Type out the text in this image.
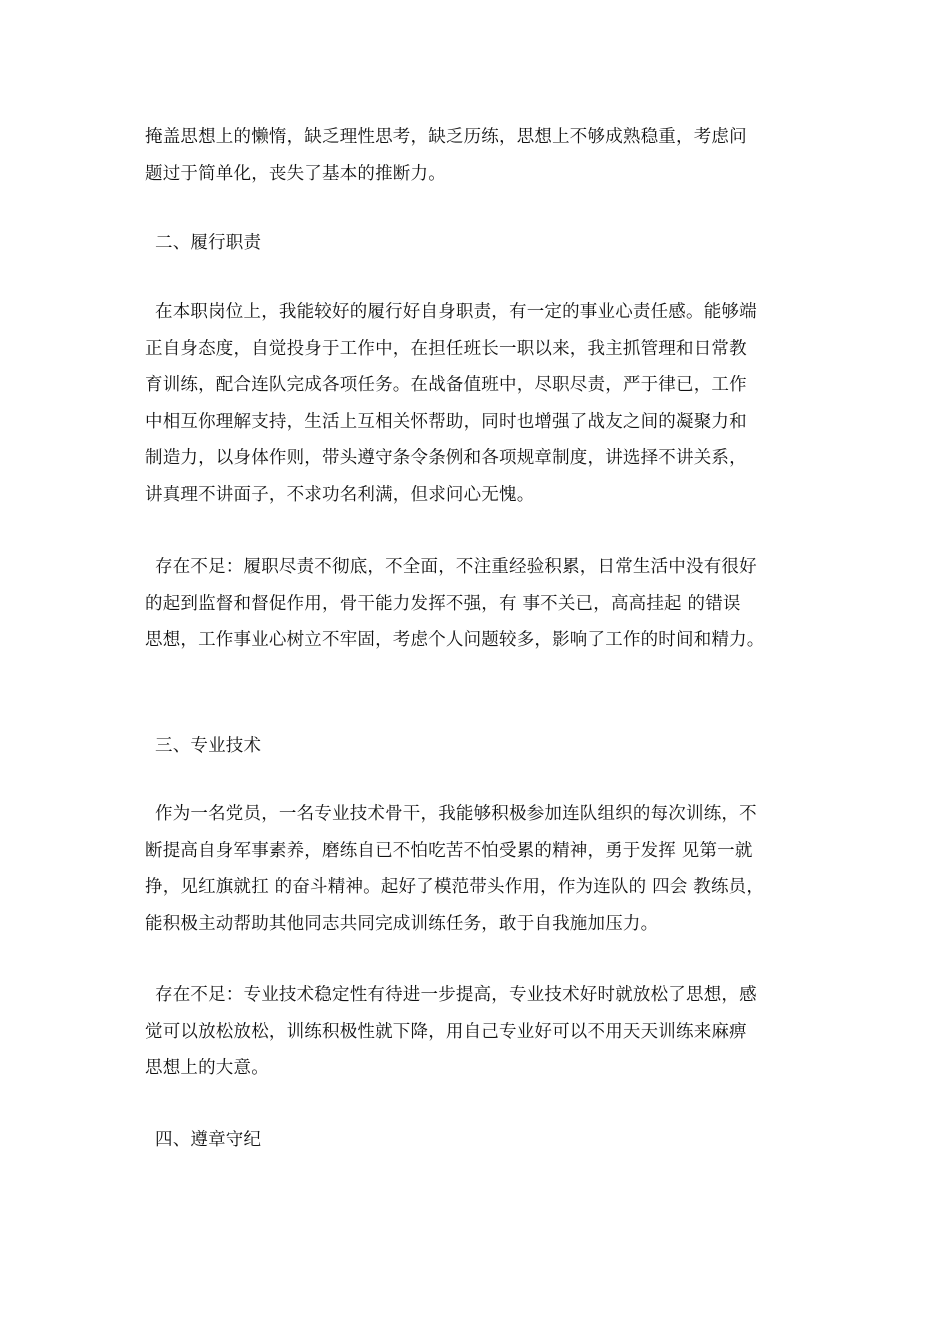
掩盖思想上的懒惰，缺乏理性思考，缺乏历练，思想上不够成熟稳重，考虑问
题过于简单化，丧失了基本的推断力。
二、履行职责
在本职岗位上，我能较好的履行好自身职责，有一定的事业心责任感。能够端
正自身态度，自觉投身于工作中，在担任班长一职以来，我主抓管理和日常教
育训练，配合连队完成各项任务。在战备值班中，尽职尽责，严于律已，工作
中相互你理解支持，生活上互相关怀帮助，同时也增强了战友之间的凝聚力和
制造力，以身体作则，带头遵守条令条例和各项规章制度，讲选择不讲关系，
讲真理不讲面子，不求功名利满，但求问心无愧。
存在不足：履职尽责不彻底，不全面，不注重经验积累，日常生活中没有很好
的起到监督和督促作用，骨干能力发挥不强，有 事不关已，高高挂起 的错误
思想，工作事业心树立不牢固，考虑个人问题较多，影响了工作的时间和精力。
三、专业技术
作为一名党员，一名专业技术骨干，我能够积极参加连队组织的每次训练，不
断提高自身军事素养，磨练自已不怕吃苦不怕受累的精神，勇于发挥 见第一就
挣，见红旗就扛 的奋斗精神。起好了模范带头作用，作为连队的 四会 教练员，
能积极主动帮助其他同志共同完成训练任务，敢于自我施加压力。
存在不足：专业技术稳定性有待进一步提高，专业技术好时就放松了思想，感
觉可以放松放松，训练积极性就下降，用自己专业好可以不用天天训练来麻痹
思想上的大意。
四、遵章守纪
